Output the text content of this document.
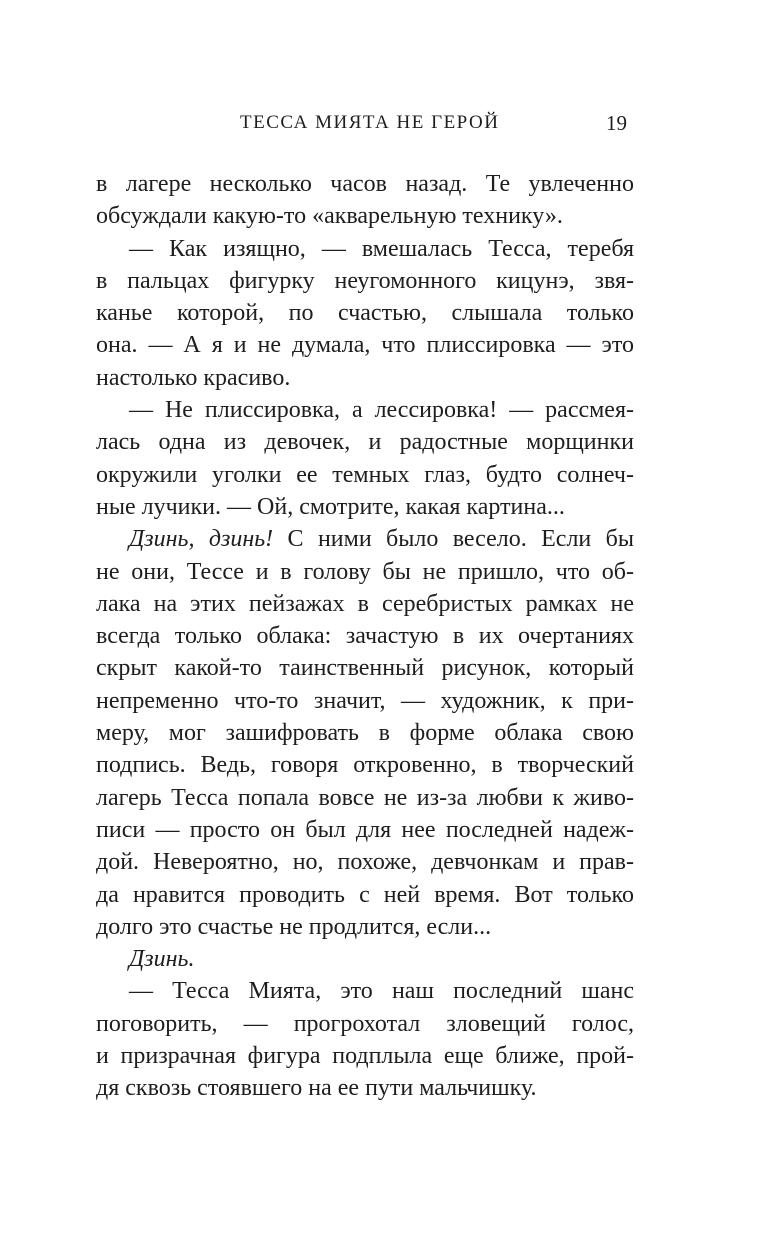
ТЕССА МИЯТА НЕ ГЕРОЙ	19
в лагере несколько часов назад. Те увлеченно
обсуждали какую-то «акварельную технику».
— Как изящно, — вмешалась Тесса, теребя
в пальцах фигурку неугомонного кицунэ, звя-
канье которой, по счастью, слышала только
она. — А я и не думала, что плиссировка — это
настолько красиво.
— Не плиссировка, а лессировка! — рассмея-
лась одна из девочек, и радостные морщинки
окружили уголки ее темных глаз, будто солнеч-
ные лучики. — Ой, смотрите, какая картина...
Дзинь, дзинь! С ними было весело. Если бы
не они, Тессе и в голову бы не пришло, что об-
лака на этих пейзажах в серебристых рамках не
всегда только облака: зачастую в их очертаниях
скрыт какой-то таинственный рисунок, который
непременно что-то значит, — художник, к при-
меру, мог зашифровать в форме облака свою
подпись. Ведь, говоря откровенно, в творческий
лагерь Тесса попала вовсе не из-за любви к живо-
писи — просто он был для нее последней надеж-
дой. Невероятно, но, похоже, девчонкам и прав-
да нравится проводить с ней время. Вот только
долго это счастье не продлится, если...
Дзинь.
— Тесса Мията, это наш последний шанс
поговорить, — прогрохотал зловещий голос,
и призрачная фигура подплыла еще ближе, прой-
дя сквозь стоявшего на ее пути мальчишку.
